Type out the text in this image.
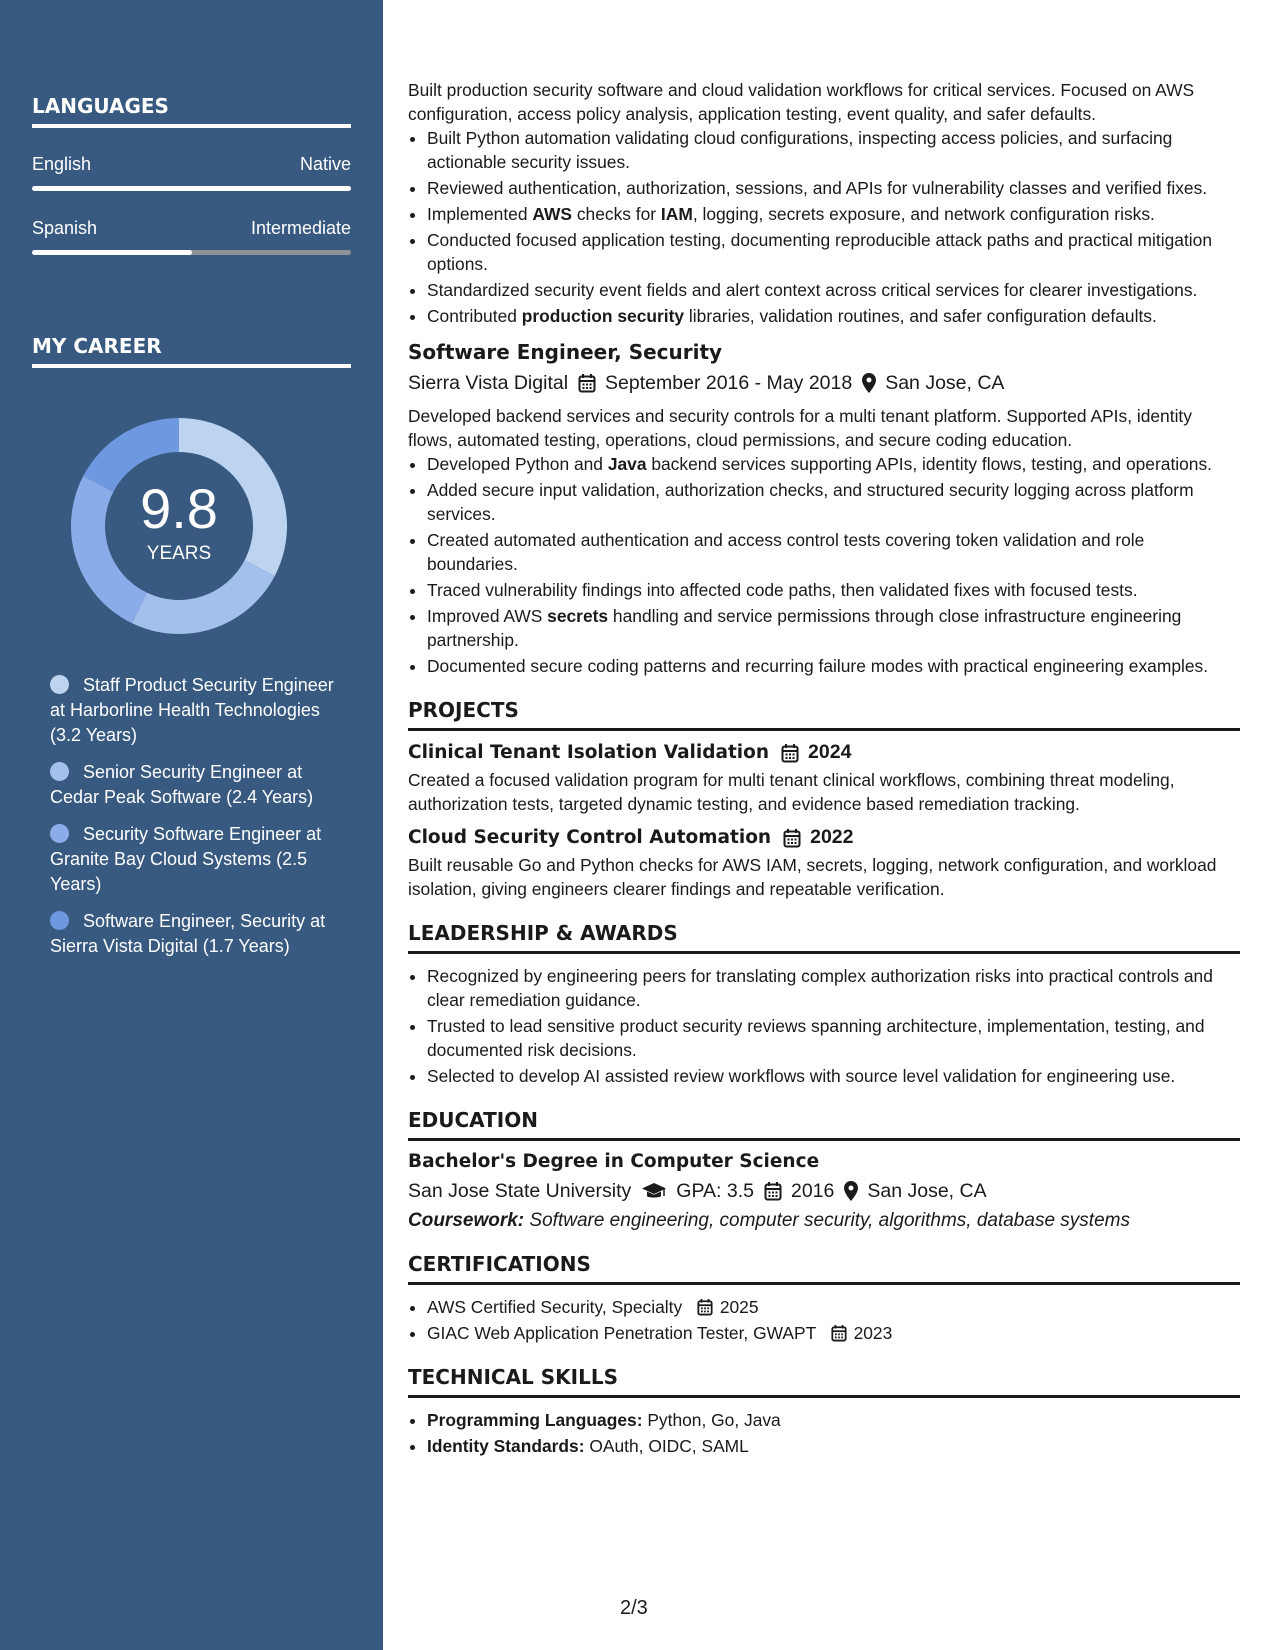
LANGUAGES
English	Native
Spanish	Intermediate
MY CAREER
9.8
YEARS
Staff Product Security Engineer at Harborline Health Technologies (3.2 Years)
Senior Security Engineer at Cedar Peak Software (2.4 Years)
Security Software Engineer at Granite Bay Cloud Systems (2.5 Years)
Software Engineer, Security at Sierra Vista Digital (1.7 Years)

Built production security software and cloud validation workflows for critical services. Focused on AWS configuration, access policy analysis, application testing, event quality, and safer defaults.

• Built Python automation validating cloud configurations, inspecting access policies, and surfacing actionable security issues.
• Reviewed authentication, authorization, sessions, and APIs for vulnerability classes and verified fixes.
• Implemented AWS checks for IAM, logging, secrets exposure, and network configuration risks.
• Conducted focused application testing, documenting reproducible attack paths and practical mitigation options.
• Standardized security event fields and alert context across critical services for clearer investigations.
• Contributed production security libraries, validation routines, and safer configuration defaults.
Software Engineer, Security
Sierra Vista Digital September 2016 - May 2018 San Jose, CA

Developed backend services and security controls for a multi tenant platform. Supported APIs, identity flows, automated testing, operations, cloud permissions, and secure coding education.

• Developed Python and Java backend services supporting APIs, identity flows, testing, and operations.
• Added secure input validation, authorization checks, and structured security logging across platform services.
• Created automated authentication and access control tests covering token validation and role boundaries.
• Traced vulnerability findings into affected code paths, then validated fixes with focused tests.
• Improved AWS secrets handling and service permissions through close infrastructure engineering partnership.
• Documented secure coding patterns and recurring failure modes with practical engineering examples.
PROJECTS
Clinical Tenant Isolation Validation 2024

Created a focused validation program for multi tenant clinical workflows, combining threat modeling, authorization tests, targeted dynamic testing, and evidence based remediation tracking.

Cloud Security Control Automation 2022

Built reusable Go and Python checks for AWS IAM, secrets, logging, network configuration, and workload isolation, giving engineers clearer findings and repeatable verification.

LEADERSHIP & AWARDS
• Recognized by engineering peers for translating complex authorization risks into practical controls and clear remediation guidance.
• Trusted to lead sensitive product security reviews spanning architecture, implementation, testing, and documented risk decisions.
• Selected to develop AI assisted review workflows with source level validation for engineering use.
EDUCATION
Bachelor's Degree in Computer Science
San Jose State University GPA: 3.5 2016 San Jose, CA

Coursework: Software engineering, computer security, algorithms, database systems

CERTIFICATIONS
• AWS Certified Security, Specialty 2025
• GIAC Web Application Penetration Tester, GWAPT 2023
TECHNICAL SKILLS
• Programming Languages: Python, Go, Java
• Identity Standards: OAuth, OIDC, SAML
2/3
